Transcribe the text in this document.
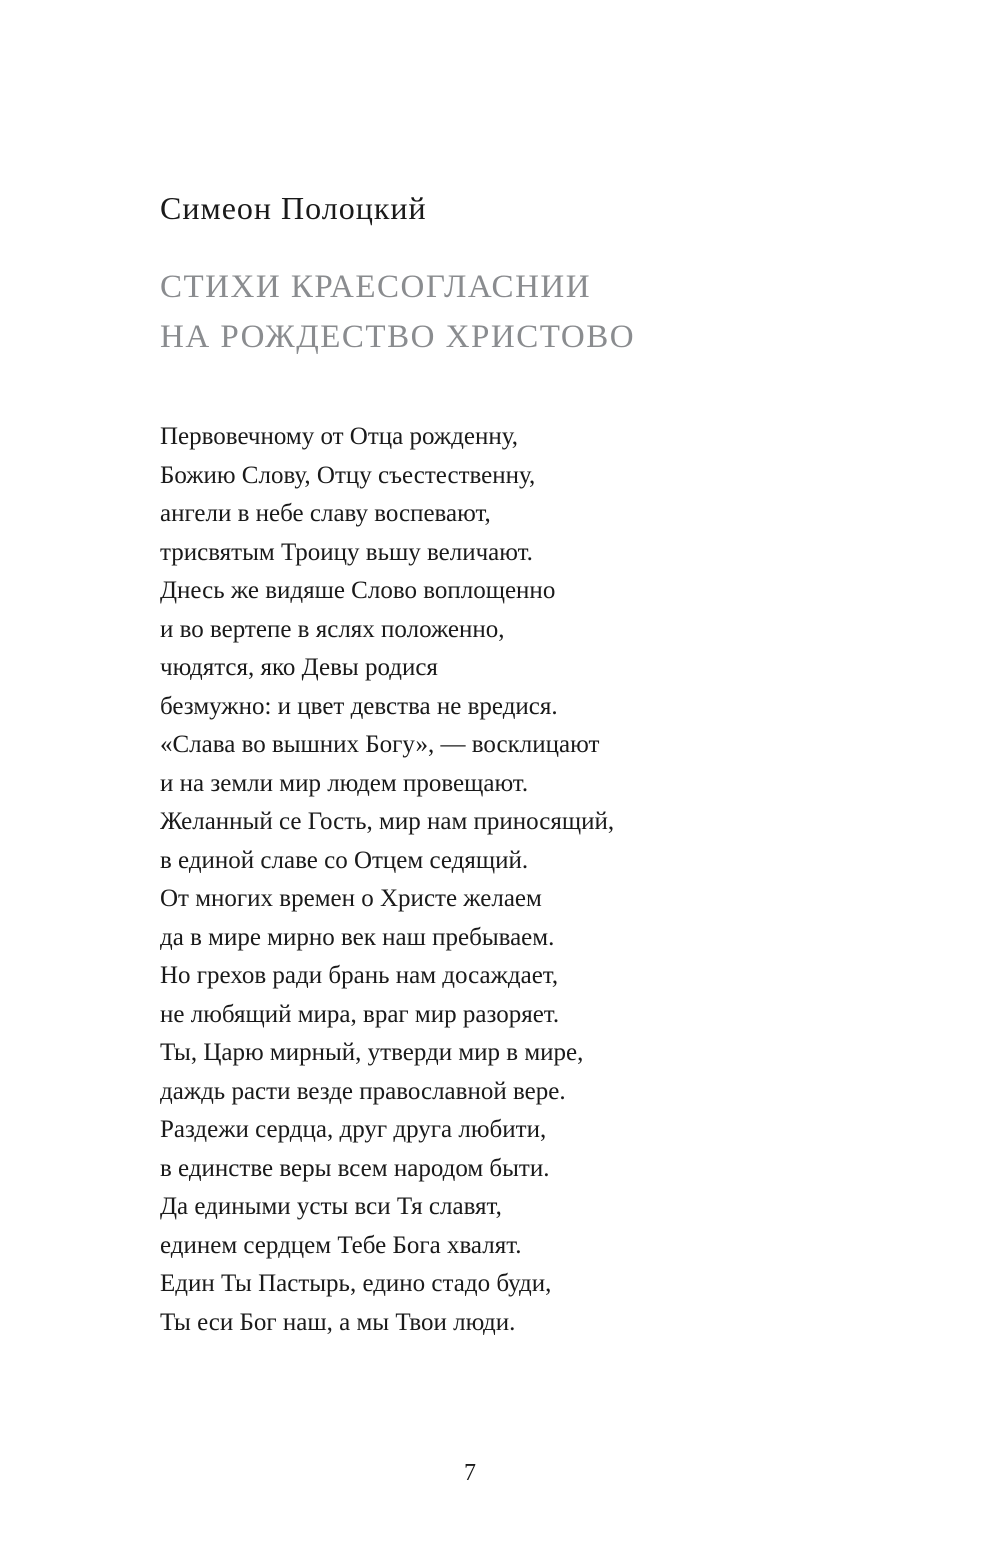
Симеон Полоцкий
СТИХИ КРАЕСОГЛАСНИИ
НА РОЖДЕСТВО ХРИСТОВО
Первовечному от Отца рожденну,
Божию Слову, Отцу съестественну,
ангели в небе славу воспевают,
трисвятым Троицу вьшу величают.
Днесь же видяше Слово воплощенно
и во вертепе в яслях положенно,
чюдятся, яко Девы родися
безмужно: и цвет девства не вредися.
«Слава во вышних Богу», — восклицают
и на земли мир людем провещают.
Желанный се Гость, мир нам приносящий,
в единой славе со Отцем седящий.
От многих времен о Христе желаем
да в мире мирно век наш пребываем.
Но грехов ради брань нам досаждает,
не любящий мира, враг мир разоряет.
Ты, Царю мирный, утверди мир в мире,
даждь расти везде православной вере.
Раздежи сердца, друг друга любити,
в единстве веры всем народом быти.
Да едиными усты вси Тя славят,
единем сердцем Тебе Бога хвалят.
Един Ты Пастырь, едино стадо буди,
Ты еси Бог наш, а мы Твои люди.
7
